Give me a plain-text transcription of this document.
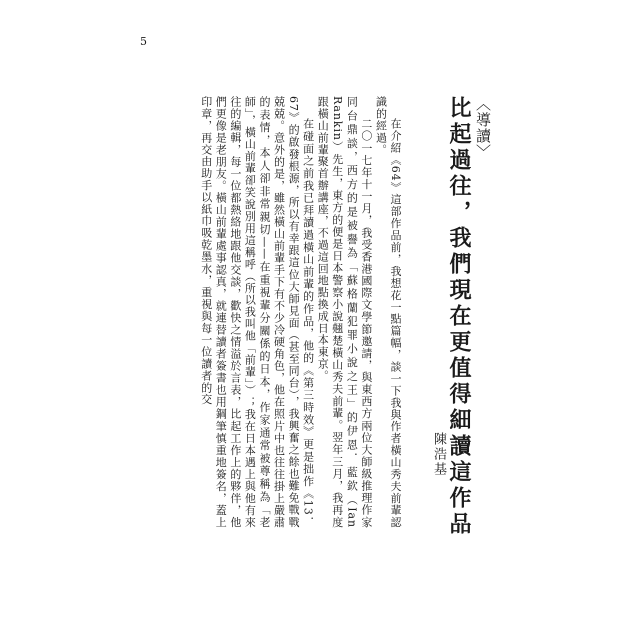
5
〈導讀〉
比起過往，我們現在更值得細讀這作品
陳浩基

在介紹《64》這部作品前，我想花一點篇幅，談一下我與作者橫山秀夫前輩認識的經過。

二〇一七年十一月，我受香港國際文學節邀請，與東西方兩位大師級推理作家同台鼎談，西方的是被譽為「蘇格蘭犯罪小說之王」的伊恩．藍欽（Ian Rankin）先生，東方的便是日本警察小說翹楚橫山秀夫前輩。翌年三月，我再度跟橫山前輩聚首辦講座，不過這回地點換成日本東京。

在碰面之前我已拜讀過橫山前輩的作品，他的《第三時效》更是拙作《13．67》的啟發根源，所以有幸跟這位大師見面（甚至同台），我興奮之餘也難免戰戰兢兢。意外的是，雖然橫山前輩手下有不少冷硬角色，他在照片中也往往掛上嚴肅的表情，本人卻非常親切——在重視輩分關係的日本，作家通常被尊稱為「老師」，橫山前輩卻笑說別用這稱呼（所以我叫他「前輩」）；我在日本遇上與他有來往的編輯，每一位都熱絡地跟他交談，歡快之情溢於言表，比起工作上的夥伴，他們更像是老朋友。橫山前輩處事認真，就連替讀者簽書也用鋼筆慎重地簽名，蓋上印章，再交由助手以紙巾吸乾墨水，重視與每一位讀者的交
